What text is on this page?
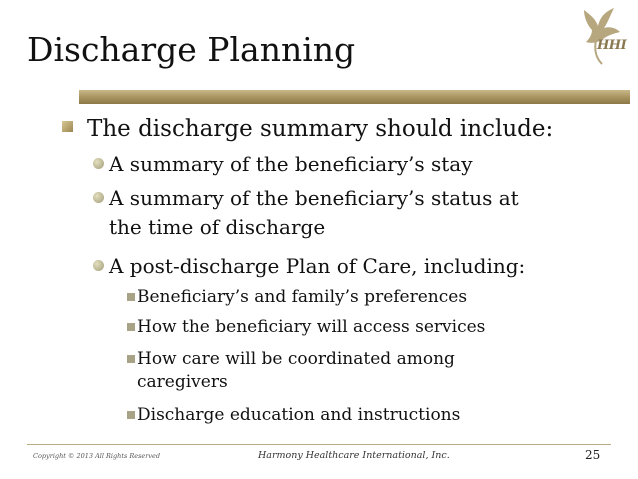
Discharge Planning	HHI
The discharge summary should include:
A summary of the beneficiary’s stay
A summary of the beneficiary’s status at
the time of discharge
A post-discharge Plan of Care, including:
Beneficiary’s and family’s preferences
How the beneficiary will access services
How care will be coordinated among
caregivers
Discharge education and instructions
Copyright © 2013 All Rights Reserved	Harmony Healthcare International, Inc.	25
